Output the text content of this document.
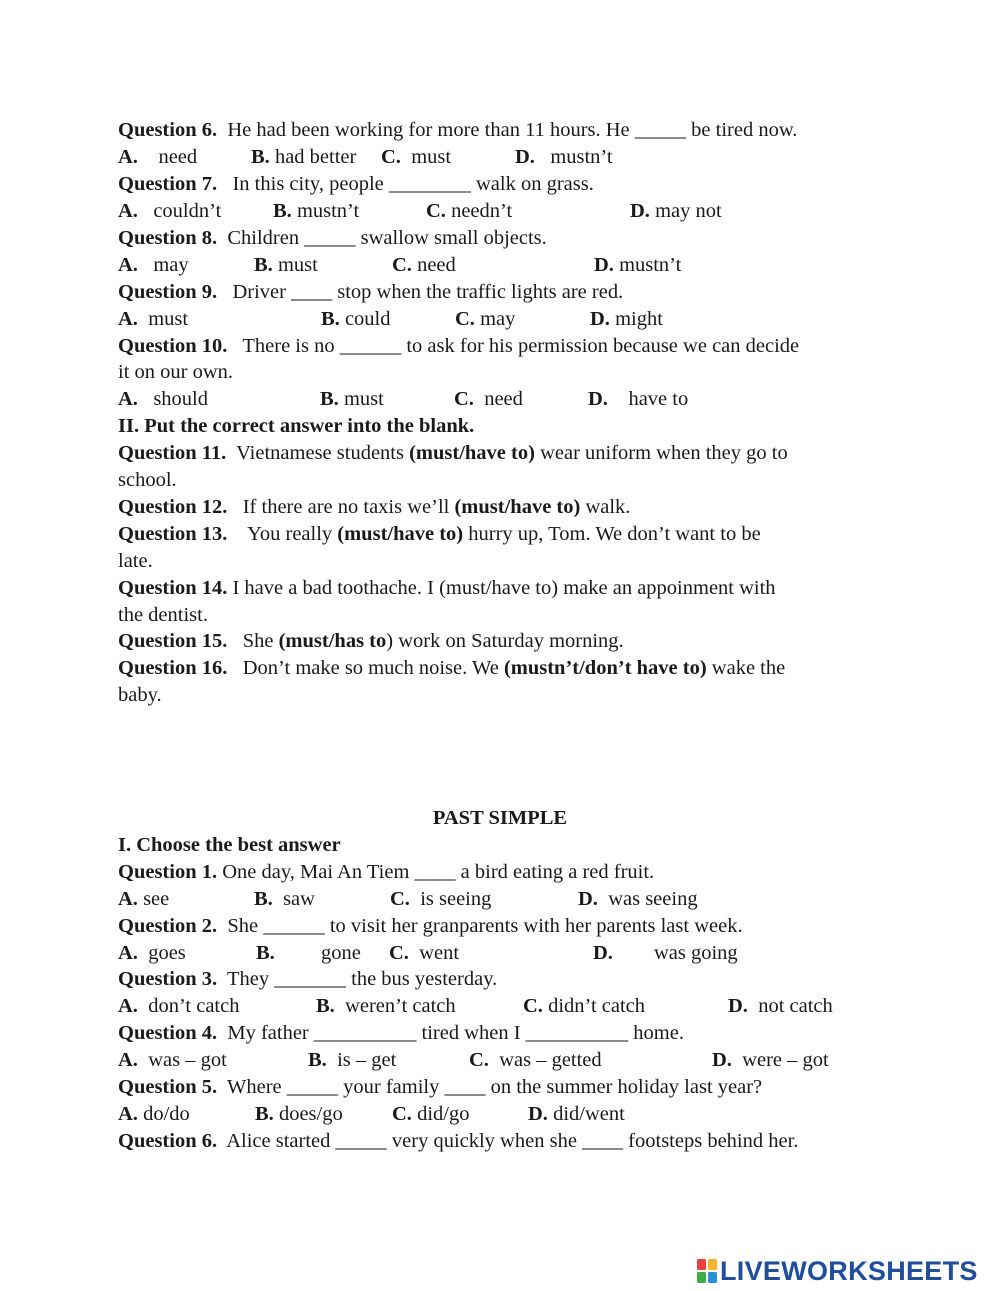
Question 6. He had been working for more than 11 hours. He _____ be tired now.
A. need	B. had better C. must	D. mustn’t
Question 7. In this city, people ________ walk on grass.
A. couldn’t	B. mustn’t	C. needn’t	D. may not
Question 8. Children _____ swallow small objects.
A. may	B. must	C. need	D. mustn’t
Question 9. Driver ____ stop when the traffic lights are red.
A. must	B. could	C. may	D. might
Question 10. There is no ______ to ask for his permission because we can decide
it on our own.
A. should	B. must	C. need	D. have to
II. Put the correct answer into the blank.
Question 11. Vietnamese students (must/have to) wear uniform when they go to
school.
Question 12. If there are no taxis we’ll (must/have to) walk.
Question 13. You really (must/have to) hurry up, Tom. We don’t want to be
late.
Question 14. I have a bad toothache. I (must/have to) make an appoinment with
the dentist.
Question 15. She (must/has to) work on Saturday morning.
Question 16. Don’t make so much noise. We (mustn’t/don’t have to) wake the
baby.
PAST SIMPLE
I. Choose the best answer
Question 1. One day, Mai An Tiem ____ a bird eating a red fruit.
A. see	B. saw	C. is seeing	D. was seeing
Question 2. She ______ to visit her granparents with her parents last week.
A. goes	B. gone C. went	D. was going
Question 3. They _______ the bus yesterday.
A. don’t catch	B. weren’t catch	C. didn’t catch	D. not catch
Question 4. My father __________ tired when I __________ home.
A. was – got	B. is – get	C. was – getted	D. were – got
Question 5. Where _____ your family ____ on the summer holiday last year?
A. do/do	B. does/go C. did/go	D. did/went
Question 6. Alice started _____ very quickly when she ____ footsteps behind her.
LIVEWORKSHEETS
